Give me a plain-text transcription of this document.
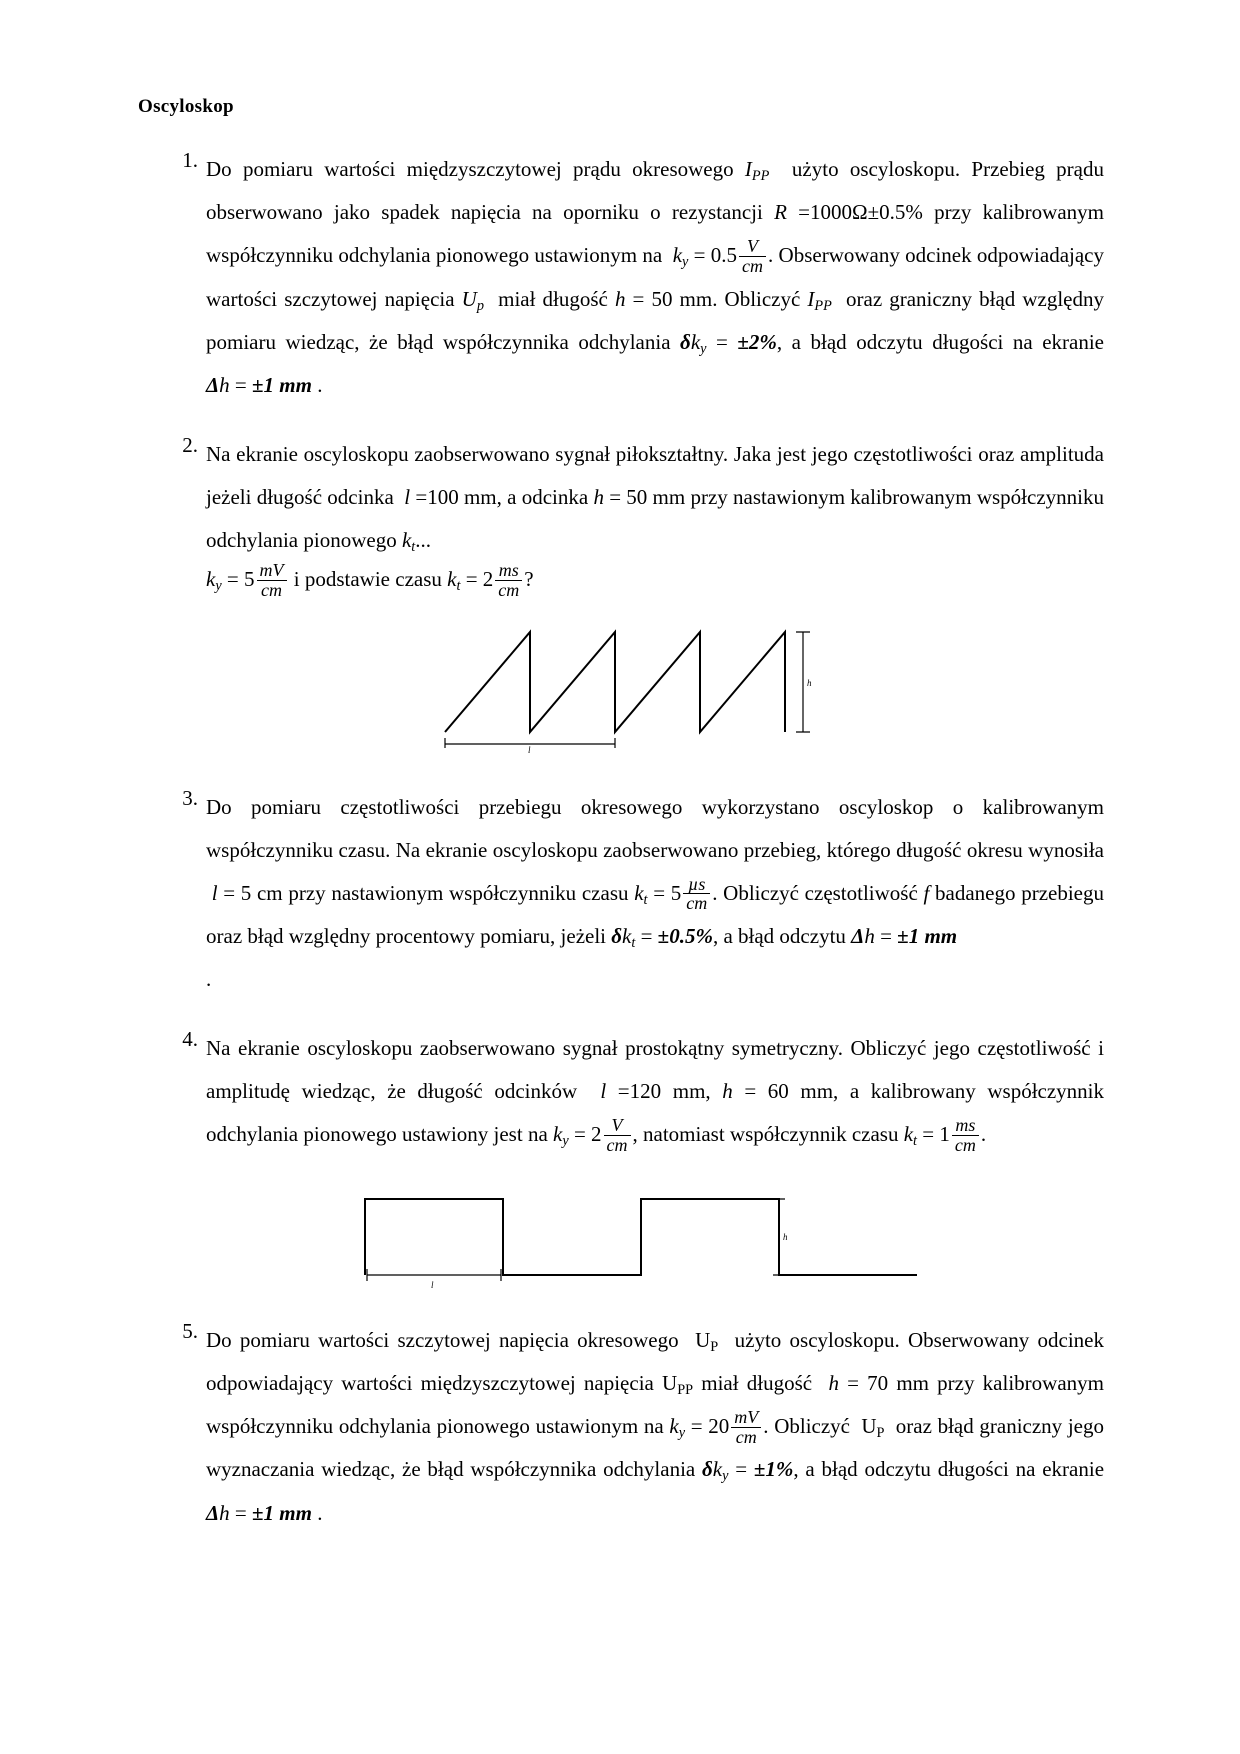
Oscyloskop
1. Do pomiaru wartości międzyszczytowej prądu okresowego $I_{PP}$  użyto oscyloskopu. Przebieg prądu obserwowano jako spadek napięcia na oporniku o rezystancji R =1000Ω±0.5% przy kalibrowanym współczynniku odchylania pionowego ustawionym na  $k_y = 0.5 \frac{V}{cm}$ . Obserwowany odcinek odpowiadający wartości szczytowej napięcia $U_p$  miał długość h = 50 mm. Obliczyć $I_{PP}$  oraz graniczny błąd względny pomiaru wiedząc, że błąd współczynnika odchylania $\delta k_y = \pm 2\%$, a błąd odczytu długości na ekranie Δh = ±1 mm .
2. Na ekranie oscyloskopu zaobserwowano sygnał piłokształtny. Jaka jest jego częstotliwości oraz amplituda jeżeli długość odcinka  l =100 mm, a odcinka h = 50 mm przy nastawionym kalibrowanym współczynniku odchylania pionowego $k_t$...
$k_y = 5 \frac{mV}{cm}$ i podstawie czasu $k_t = 2 \frac{ms}{cm}$ ?
l
h
3. Do pomiaru częstotliwości przebiegu okresowego wykorzystano oscyloskop o kalibrowanym współczynniku czasu. Na ekranie oscyloskopu zaobserwowano przebieg, którego długość okresu wynosiła  l = 5 cm przy nastawionym współczynniku czasu $k_t = 5 \frac{\text{µs}}{cm}$ . Obliczyć częstotliwość f badanego przebiegu oraz błąd względny procentowy pomiaru, jeżeli $\delta k_t = \pm 0.5\%$, a błąd odczytu Δh = ±1 mm
.
4. Na ekranie oscyloskopu zaobserwowano sygnał prostokątny symetryczny. Obliczyć jego częstotliwość i amplitudę wiedząc, że długość odcinków  l =120 mm, h = 60 mm, a kalibrowany współczynnik odchylania pionowego ustawiony jest na $k_y = 2 \frac{V}{cm}$ , natomiast współczynnik czasu $k_t = 1 \frac{ms}{cm}$ .
l
h
5. Do pomiaru wartości szczytowej napięcia okresowego  $U_P$  użyto oscyloskopu. Obserwowany odcinek odpowiadający wartości międzyszczytowej napięcia $U_{PP}$ miał długość  h = 70 mm przy kalibrowanym współczynniku odchylania pionowego ustawionym na $k_y = 20 \frac{mV}{cm}$ . Obliczyć  $U_P$  oraz błąd graniczny jego wyznaczania wiedząc, że błąd współczynnika odchylania $\delta k_y = \pm 1\%$, a błąd odczytu długości na ekranie Δh = ±1 mm .
